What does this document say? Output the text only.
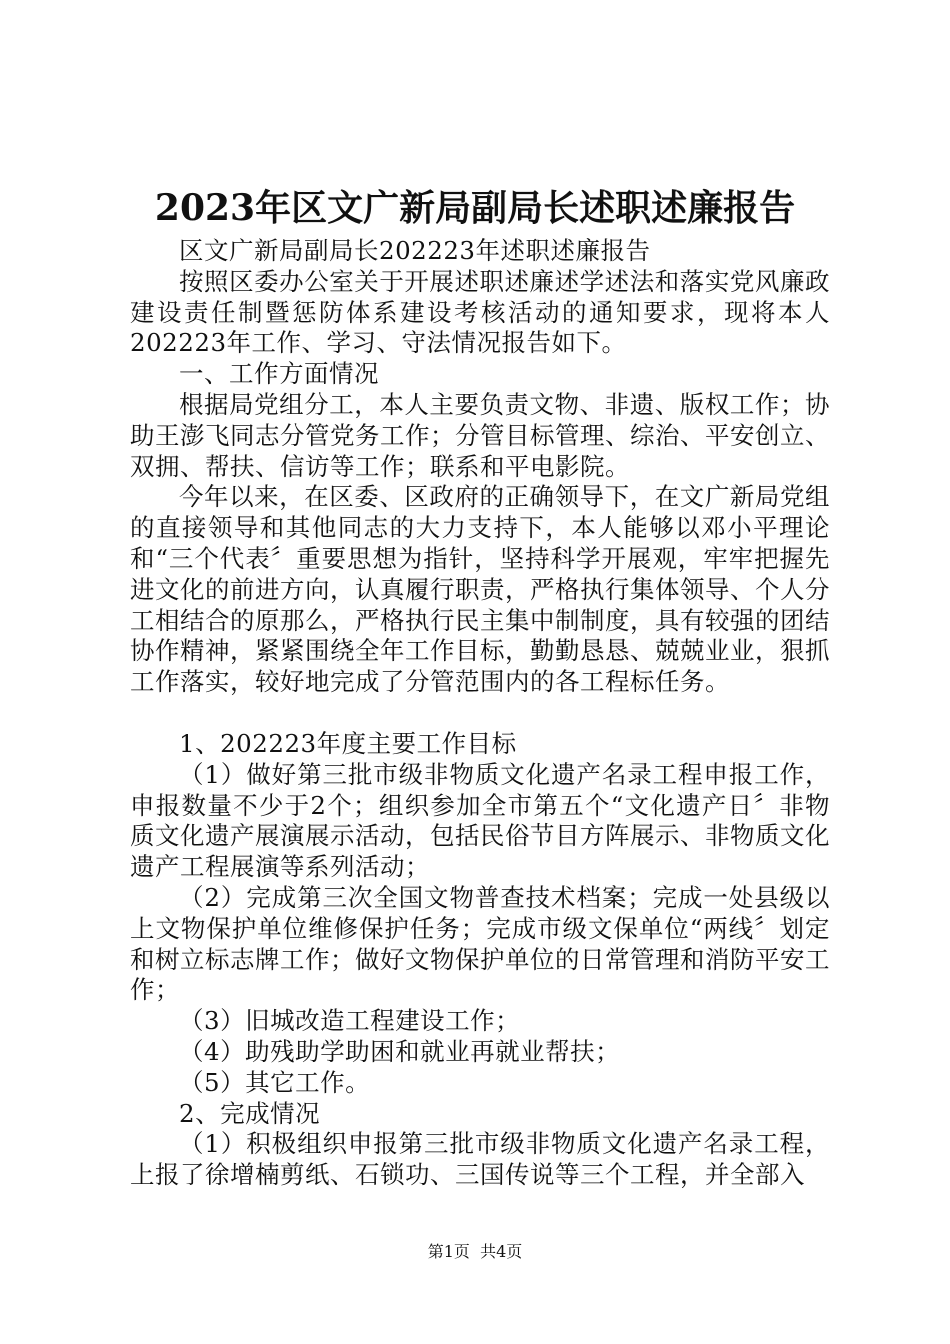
2023年区文广新局副局长述职述廉报告

区文广新局副局长202223年述职述廉报告

按照区委办公室关于开展述职述廉述学述法和落实党风廉政建设责任制暨惩防体系建设考核活动的通知要求，现将本人202223年工作、学习、守法情况报告如下。

一、工作方面情况

根据局党组分工，本人主要负责文物、非遗、版权工作；协助王澎飞同志分管党务工作；分管目标管理、综治、平安创立、双拥、帮扶、信访等工作；联系和平电影院。

今年以来，在区委、区政府的正确领导下，在文广新局党组的直接领导和其他同志的大力支持下，本人能够以邓小平理论和“三个代表〞重要思想为指针，坚持科学开展观，牢牢把握先进文化的前进方向，认真履行职责，严格执行集体领导、个人分工相结合的原那么，严格执行民主集中制制度，具有较强的团结协作精神，紧紧围绕全年工作目标，勤勤恳恳、兢兢业业，狠抓工作落实，较好地完成了分管范围内的各工程标任务。

1、202223年度主要工作目标

（1）做好第三批市级非物质文化遗产名录工程申报工作，申报数量不少于2个；组织参加全市第五个“文化遗产日〞非物质文化遗产展演展示活动，包括民俗节目方阵展示、非物质文化遗产工程展演等系列活动；

（2）完成第三次全国文物普查技术档案；完成一处县级以上文物保护单位维修保护任务；完成市级文保单位“两线〞划定和树立标志牌工作；做好文物保护单位的日常管理和消防平安工作；

（3）旧城改造工程建设工作；

（4）助残助学助困和就业再就业帮扶；

（5）其它工作。

2、完成情况

（1）积极组织申报第三批市级非物质文化遗产名录工程，上报了徐增楠剪纸、石锁功、三国传说等三个工程，并全部入

第1页  共4页
